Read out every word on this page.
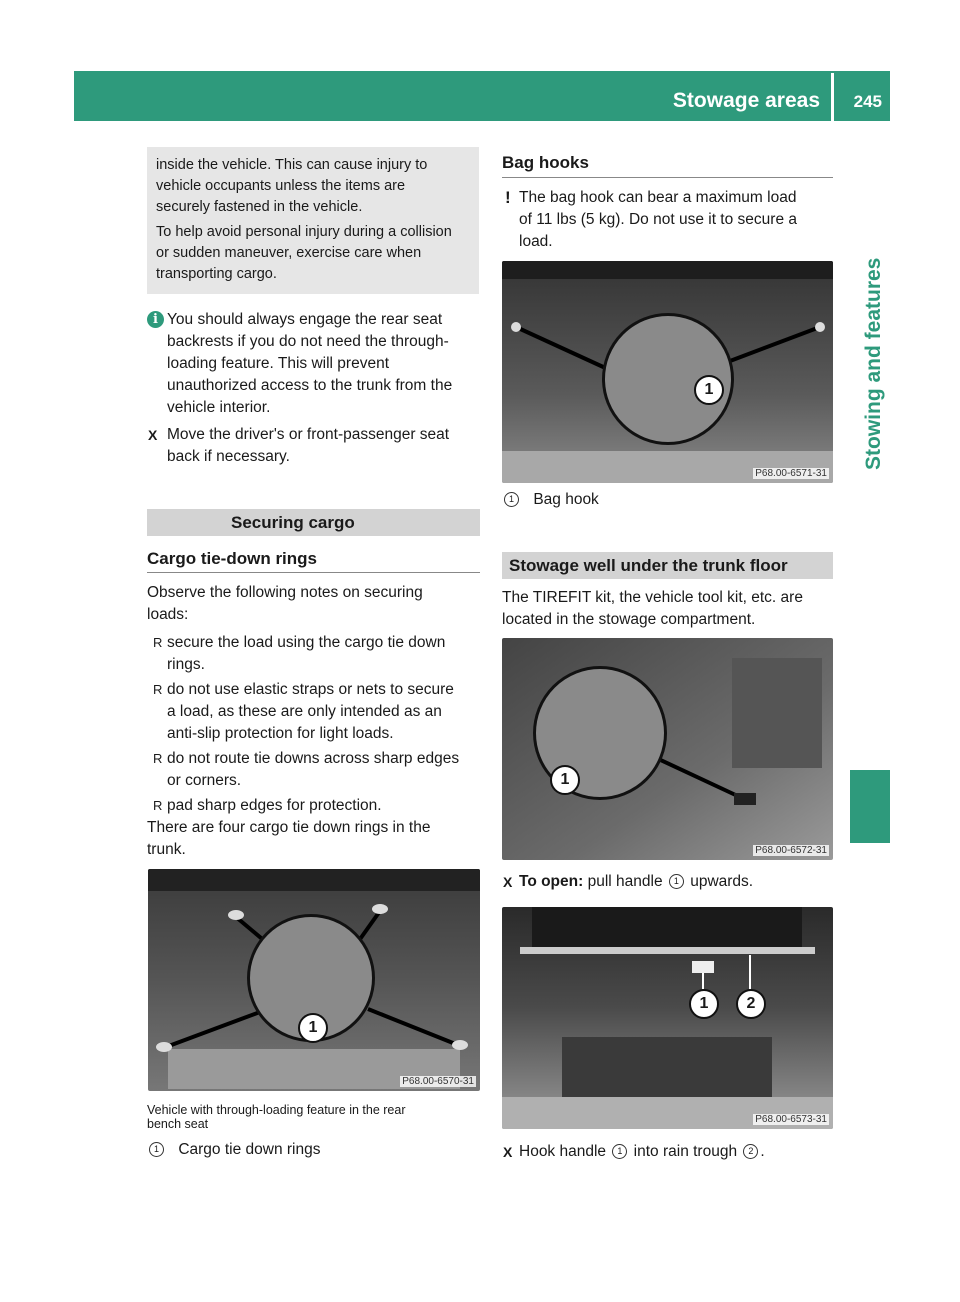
Stowage areas 245
Stowing and features

inside the vehicle. This can cause injury to

vehicle occupants unless the items are

securely fastened in the vehicle.

To help avoid personal injury during a collision

or sudden maneuver, exercise care when

transporting cargo.

i You should always engage the rear seat
backrests if you do not need the through-
loading feature. This will prevent
unauthorized access to the trunk from the
vehicle interior.
X Move the driver's or front-passenger seat
back if necessary.
Securing cargo
Cargo tie-down rings
Observe the following notes on securing
loads:
R secure the load using the cargo tie down
rings.
R do not use elastic straps or nets to secure
a load, as these are only intended as an
anti-slip protection for light loads.
R do not route tie downs across sharp edges
or corners.
R pad sharp edges for protection.
There are four cargo tie down rings in the
trunk.
1
P68.00-6570-31
Vehicle with through-loading feature in the rear
bench seat
1 Cargo tie down rings
Bag hooks
! The bag hook can bear a maximum load
of 11 lbs (5 kg). Do not use it to secure a
load.
1
P68.00-6571-31
1 Bag hook
Stowage well under the trunk floor
The TIREFIT kit, the vehicle tool kit, etc. are
located in the stowage compartment.
1
P68.00-6572-31
X To open: pull handle 1 upwards.
1	2
P68.00-6573-31
X Hook handle 1 into rain trough 2 .
